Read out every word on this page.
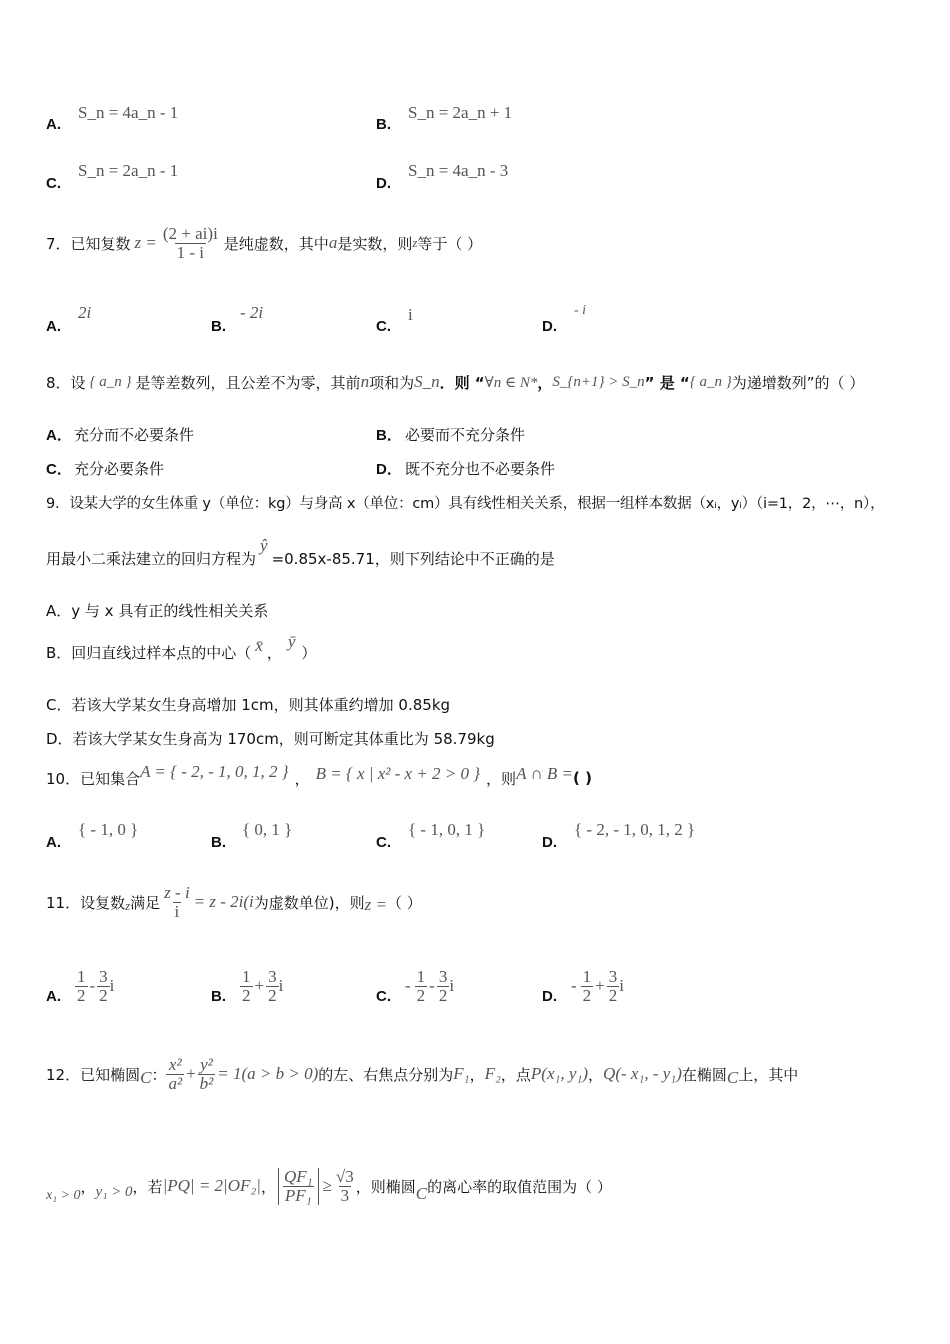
A.
S_n = 4a_n - 1
B.
S_n = 2a_n + 1
C.
S_n = 2a_n - 1
D.
S_n = 4a_n - 3
7．已知复数 $z = \frac{(2 + ai)i}{1 - i}$ 是纯虚数，其中 a 是实数，则 z 等于（ ）
A.
2i
B.
- 2i
C.
i
D.
- i
8．设 { a_n } 是等差数列，且公差不为零，其前 n 项和为 S_n ．则 “ ∀n ∈ N* ， S_{n+1} > S_n ” 是 “ { a_n } 为递增数列”的（ ）
A． 充分而不必要条件	B． 必要而不充分条件
C． 充分必要条件	D． 既不充分也不必要条件
9．设某大学的女生体重 y（单位：kg）与身高 x（单位：cm）具有线性相关关系，根据一组样本数据（xᵢ，yᵢ）（i=1，2，⋯，n），
用最小二乘法建立的回归方程为
ŷ
=0.85x-85.71，则下列结论中不正确的是
A．y 与 x 具有正的线性相关关系
B．回归直线过样本点的中心（ x̄ ，
ȳ
）
C．若该大学某女生身高增加 1cm，则其体重约增加 0.85kg
D．若该大学某女生身高为 170cm，则可断定其体重比为 58.79kg
10．已知集合 A = { - 2, - 1, 0, 1, 2 } ， B = { x | x² - x + 2 > 0 } ，则 A ∩ B = ( )
A.
{ - 1, 0 }
B.
{ 0, 1 }
C.
{ - 1, 0, 1 }
D.
{ - 2, - 1, 0, 1, 2 }
11．设复数 z 满足 $\frac{z - i}{i} = z - 2i(i$ 为虚数单位)，则 z = （ ）
A. $\frac{1}{2} - \frac{3}{2}$ i
B. $\frac{1}{2} + \frac{3}{2}$ i
C.
- $\frac{1}{2} - \frac{3}{2}$ i
D.
- $\frac{1}{2} + \frac{3}{2}$ i
12．已知椭圆 C ： $\frac{\text{x²}}{\text{a²}} + \frac{\text{y²}}{\text{b²}} = 1(a > b > 0)$ 的左、右焦点分别为 F₁ ， F₂ ，点 P(x₁, y₁) ， Q(- x₁, - y₁) 在椭圆 C 上，其中
x₁ > 0 ， y₁ > 0 ，若 |PQ| = 2|OF₂| ， $\frac{\text{QF₁}}{\text{PF₁}} \ge \frac{√3}{3}$ ，则椭圆 C 的离心率的取值范围为（ ）
